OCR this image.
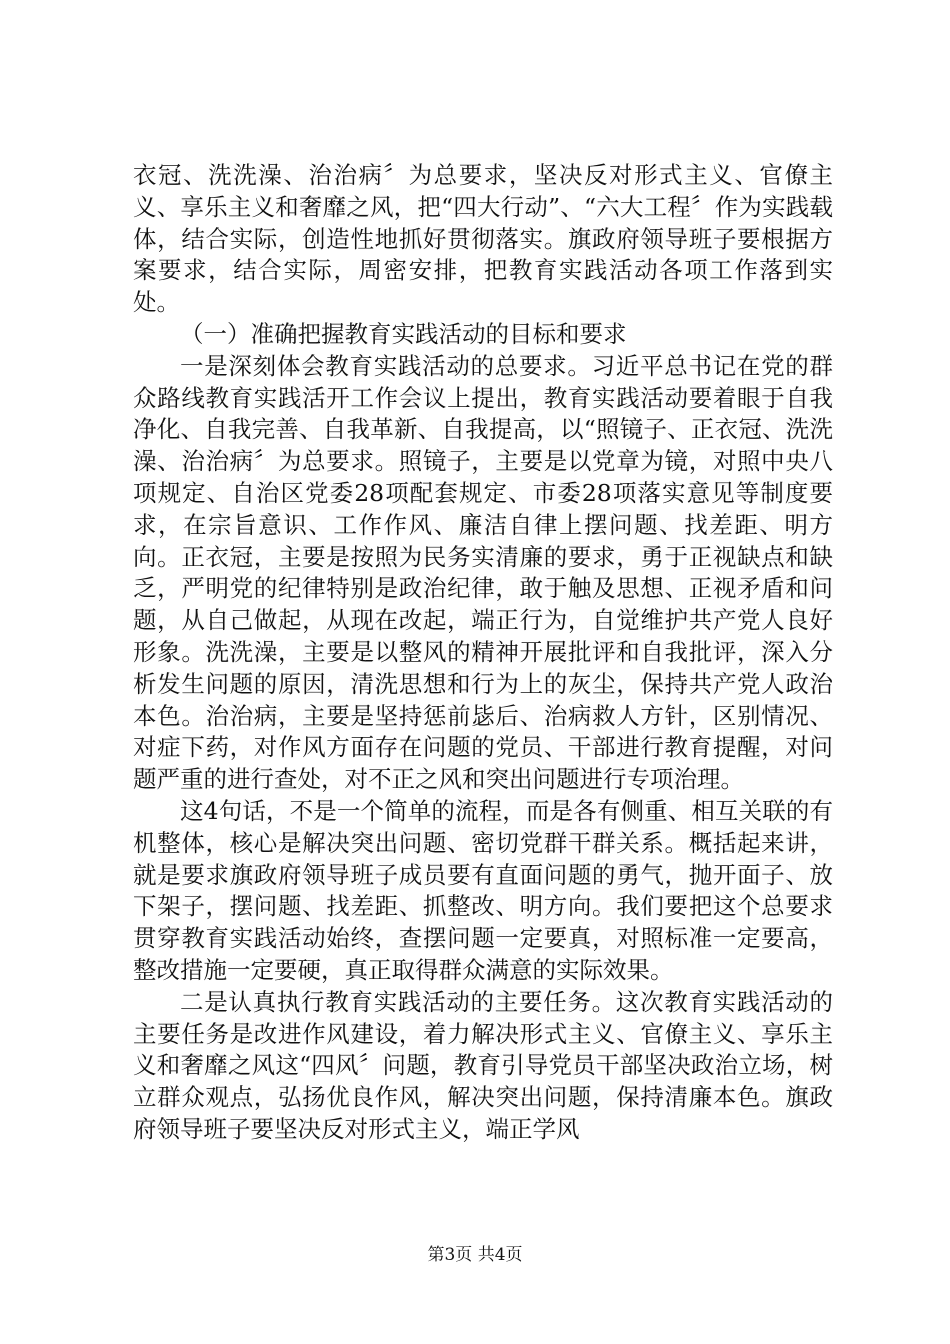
衣冠、洗洗澡、治治病〞为总要求，坚决反对形式主义、官僚主义、享乐主义和奢靡之风，把“四大行动”、“六大工程〞作为实践载体，结合实际，创造性地抓好贯彻落实。旗政府领导班子要根据方案要求，结合实际，周密安排，把教育实践活动各项工作落到实处。

（一）准确把握教育实践活动的目标和要求

一是深刻体会教育实践活动的总要求。习近平总书记在党的群众路线教育实践活开工作会议上提出，教育实践活动要着眼于自我净化、自我完善、自我革新、自我提高，以“照镜子、正衣冠、洗洗澡、治治病〞为总要求。照镜子，主要是以党章为镜，对照中央八项规定、自治区党委28项配套规定、市委28项落实意见等制度要求，在宗旨意识、工作作风、廉洁自律上摆问题、找差距、明方向。正衣冠，主要是按照为民务实清廉的要求，勇于正视缺点和缺乏，严明党的纪律特别是政治纪律，敢于触及思想、正视矛盾和问题，从自己做起，从现在改起，端正行为，自觉维护共产党人良好形象。洗洗澡，主要是以整风的精神开展批评和自我批评，深入分析发生问题的原因，清洗思想和行为上的灰尘，保持共产党人政治本色。治治病，主要是坚持惩前毖后、治病救人方针，区别情况、对症下药，对作风方面存在问题的党员、干部进行教育提醒，对问题严重的进行查处，对不正之风和突出问题进行专项治理。

这4句话，不是一个简单的流程，而是各有侧重、相互关联的有机整体，核心是解决突出问题、密切党群干群关系。概括起来讲，就是要求旗政府领导班子成员要有直面问题的勇气，抛开面子、放下架子，摆问题、找差距、抓整改、明方向。我们要把这个总要求贯穿教育实践活动始终，查摆问题一定要真，对照标准一定要高，整改措施一定要硬，真正取得群众满意的实际效果。

二是认真执行教育实践活动的主要任务。这次教育实践活动的主要任务是改进作风建设，着力解决形式主义、官僚主义、享乐主义和奢靡之风这“四风〞问题，教育引导党员干部坚决政治立场，树立群众观点，弘扬优良作风，解决突出问题，保持清廉本色。旗政府领导班子要坚决反对形式主义，端正学风

第3页 共4页
